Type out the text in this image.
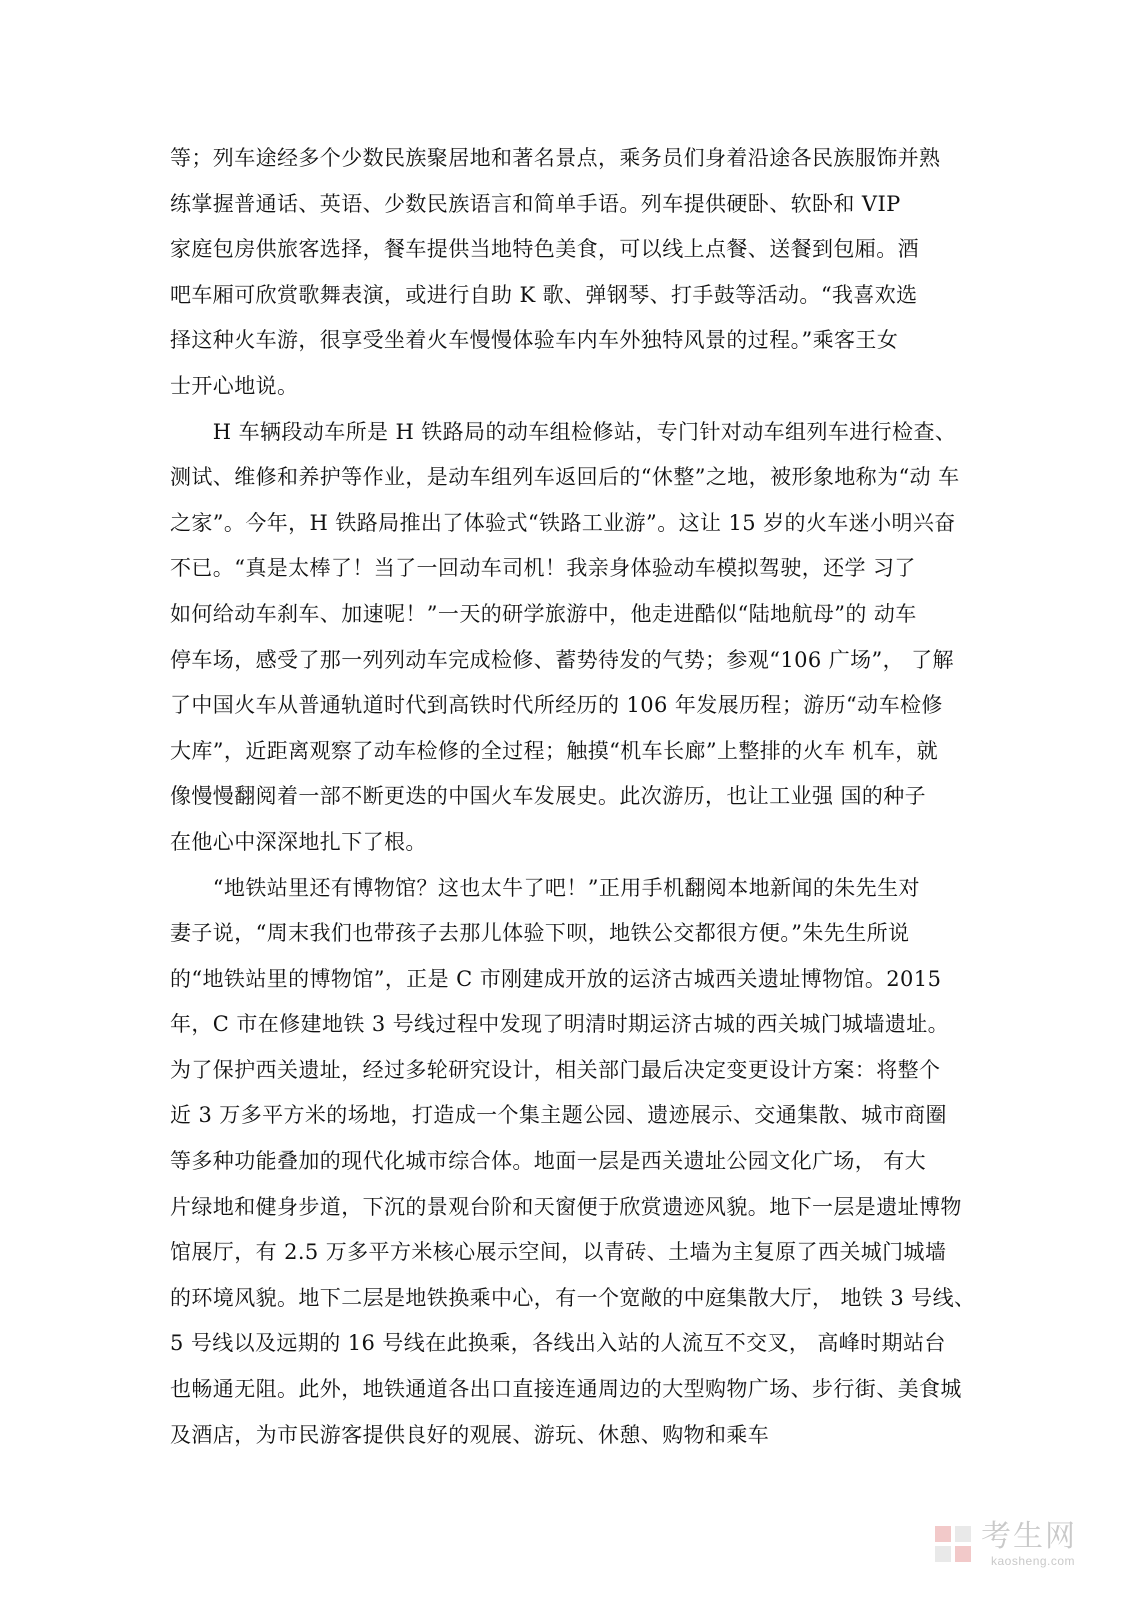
等；列车途经多个少数民族聚居地和著名景点，乘务员们身着沿途各民族服饰并熟
练掌握普通话、英语、少数民族语言和简单手语。列车提供硬卧、软卧和 VIP
家庭包房供旅客选择，餐车提供当地特色美食，可以线上点餐、送餐到包厢。酒
吧车厢可欣赏歌舞表演，或进行自助 K 歌、弹钢琴、打手鼓等活动。“我喜欢选
择这种火车游，很享受坐着火车慢慢体验车内车外独特风景的过程。”乘客王女
士开心地说。
　　H 车辆段动车所是 H 铁路局的动车组检修站，专门针对动车组列车进行检查、
测试、维修和养护等作业，是动车组列车返回后的“休整”之地，被形象地称为“动 车
之家”。今年，H 铁路局推出了体验式“铁路工业游”。这让 15 岁的火车迷小明兴奋
不已。“真是太棒了！当了一回动车司机！我亲身体验动车模拟驾驶，还学 习了
如何给动车刹车、加速呢！”一天的研学旅游中，他走进酷似“陆地航母”的 动车
停车场，感受了那一列列动车完成检修、蓄势待发的气势；参观“106 广场”， 了解
了中国火车从普通轨道时代到高铁时代所经历的 106 年发展历程；游历“动车检修
大库”，近距离观察了动车检修的全过程；触摸“机车长廊”上整排的火车 机车，就
像慢慢翻阅着一部不断更迭的中国火车发展史。此次游历，也让工业强 国的种子
在他心中深深地扎下了根。
　　“地铁站里还有博物馆？这也太牛了吧！”正用手机翻阅本地新闻的朱先生对
妻子说，“周末我们也带孩子去那儿体验下呗，地铁公交都很方便。”朱先生所说
的“地铁站里的博物馆”，正是 C 市刚建成开放的运济古城西关遗址博物馆。2015
年，C 市在修建地铁 3 号线过程中发现了明清时期运济古城的西关城门城墙遗址。
为了保护西关遗址，经过多轮研究设计，相关部门最后决定变更设计方案：将整个
近 3 万多平方米的场地，打造成一个集主题公园、遗迹展示、交通集散、城市商圈
等多种功能叠加的现代化城市综合体。地面一层是西关遗址公园文化广场， 有大
片绿地和健身步道，下沉的景观台阶和天窗便于欣赏遗迹风貌。地下一层是遗址博物
馆展厅，有 2.5 万多平方米核心展示空间，以青砖、土墙为主复原了西关城门城墙
的环境风貌。地下二层是地铁换乘中心，有一个宽敞的中庭集散大厅， 地铁 3 号线、
5 号线以及远期的 16 号线在此换乘，各线出入站的人流互不交叉， 高峰时期站台
也畅通无阻。此外，地铁通道各出口直接连通周边的大型购物广场、步行街、美食城
及酒店，为市民游客提供良好的观展、游玩、休憩、购物和乘车
考生网
kaosheng.com
